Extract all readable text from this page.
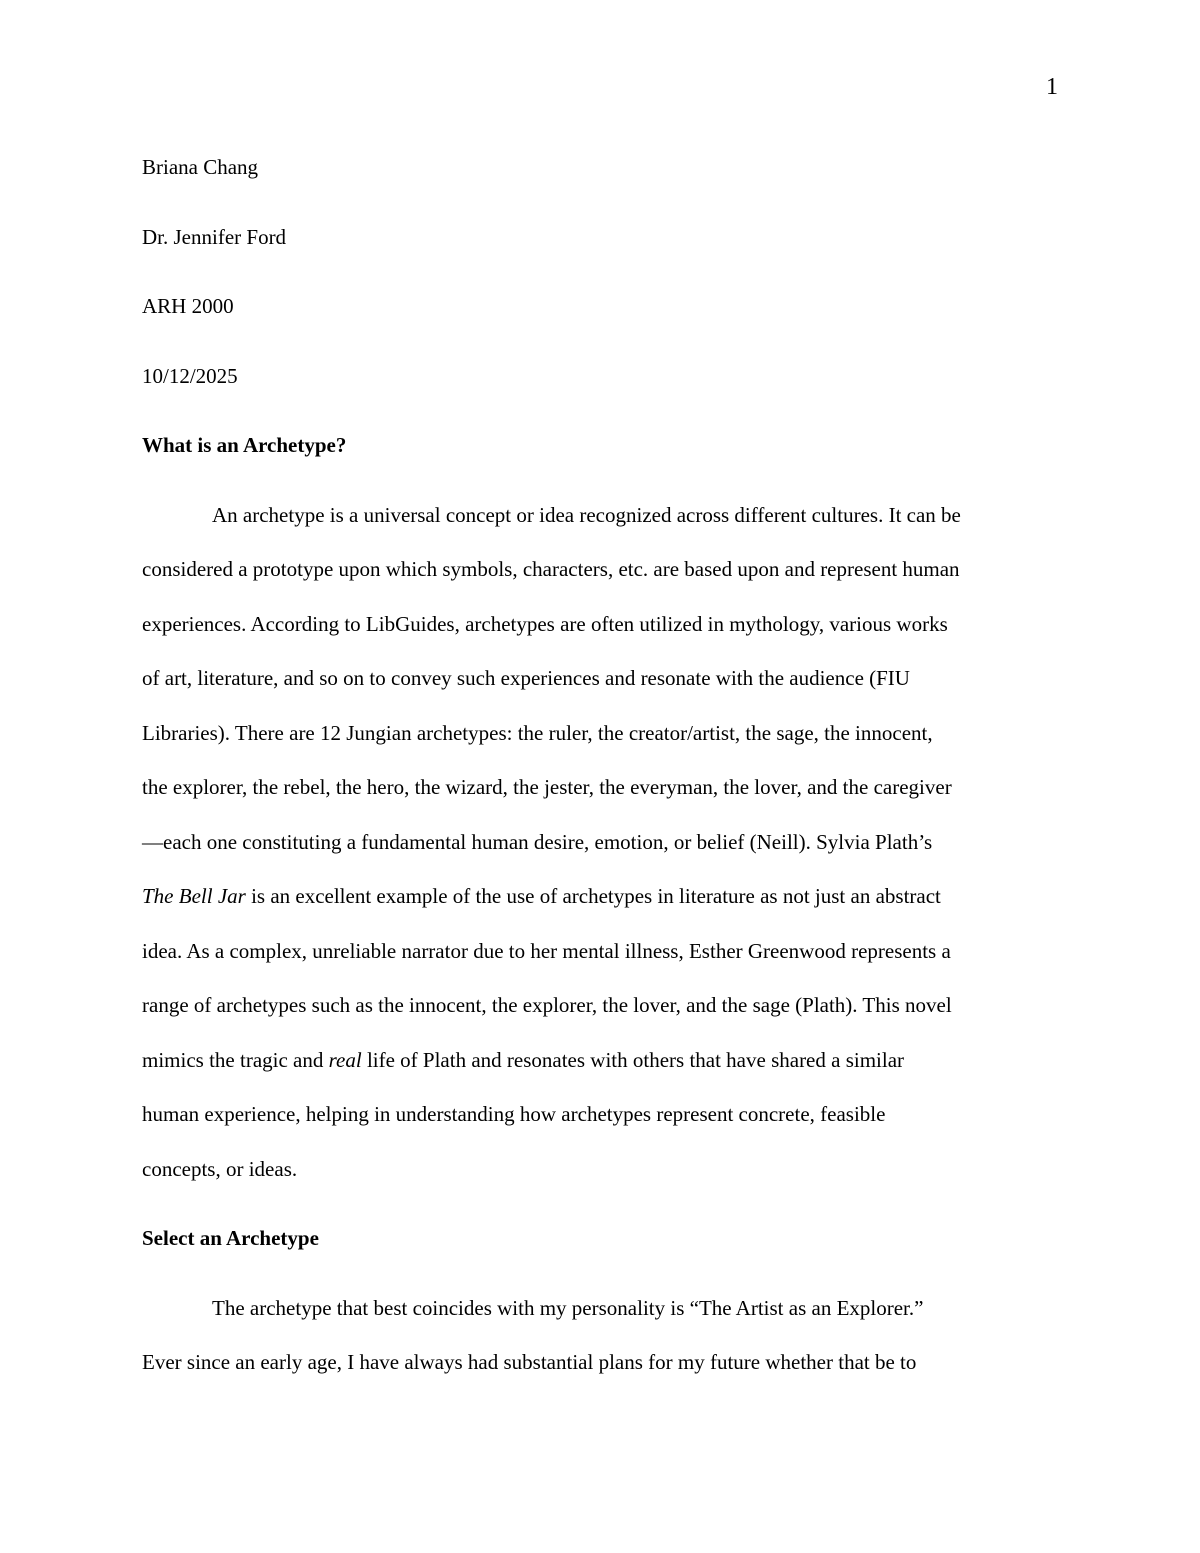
1

Briana Chang

Dr. Jennifer Ford

ARH 2000

10/12/2025

What is an Archetype?

An archetype is a universal concept or idea recognized across different cultures. It can be

considered a prototype upon which symbols, characters, etc. are based upon and represent human

experiences. According to LibGuides, archetypes are often utilized in mythology, various works

of art, literature, and so on to convey such experiences and resonate with the audience (FIU

Libraries). There are 12 Jungian archetypes: the ruler, the creator/artist, the sage, the innocent,

the explorer, the rebel, the hero, the wizard, the jester, the everyman, the lover, and the caregiver

—each one constituting a fundamental human desire, emotion, or belief (Neill). Sylvia Plath’s

The Bell Jar is an excellent example of the use of archetypes in literature as not just an abstract

idea. As a complex, unreliable narrator due to her mental illness, Esther Greenwood represents a

range of archetypes such as the innocent, the explorer, the lover, and the sage (Plath). This novel

mimics the tragic and real life of Plath and resonates with others that have shared a similar

human experience, helping in understanding how archetypes represent concrete, feasible

concepts, or ideas.

Select an Archetype

The archetype that best coincides with my personality is “The Artist as an Explorer.”

Ever since an early age, I have always had substantial plans for my future whether that be to
